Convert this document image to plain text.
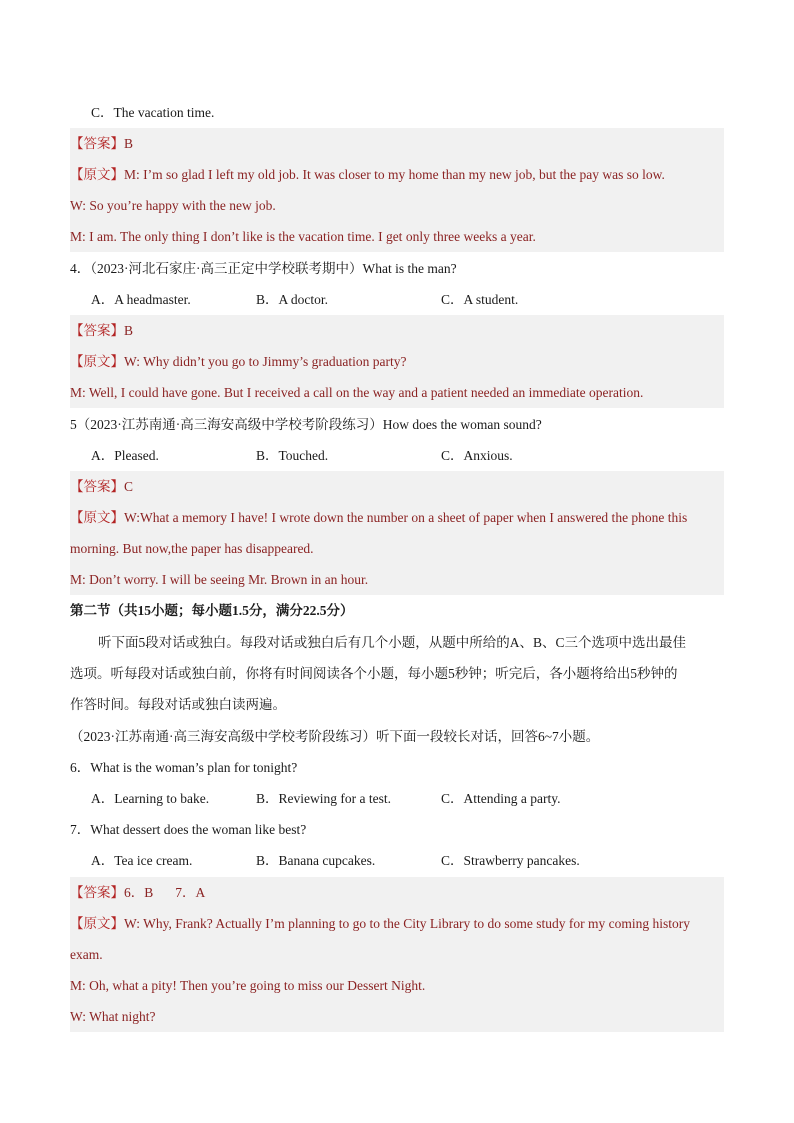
C．The vacation time.
【答案】B
【原文】M: I’m so glad I left my old job. It was closer to my home than my new job, but the pay was so low.
W: So you’re happy with the new job.
M: I am. The only thing I don’t like is the vacation time. I get only three weeks a year.
4．（2023·河北石家庄·高三正定中学校联考期中）What is the man?
A．A headmaster.	B．A doctor.	C．A student.
【答案】B
【原文】W: Why didn’t you go to Jimmy’s graduation party?
M: Well, I could have gone. But I received a call on the way and a patient needed an immediate operation.
5（2023·江苏南通·高三海安高级中学校考阶段练习）How does the woman sound?
A．Pleased.	B．Touched.	C．Anxious.
【答案】C
【原文】W:What a memory I have! I wrote down the number on a sheet of paper when I answered the phone this
morning. But now,the paper has disappeared.
M: Don’t worry. I will be seeing Mr. Brown in an hour.
第二节（共15小题；每小题1.5分，满分22.5分）
听下面5段对话或独白。每段对话或独白后有几个小题，从题中所给的A、B、C三个选项中选出最佳
选项。听每段对话或独白前，你将有时间阅读各个小题，每小题5秒钟；听完后，各小题将给出5秒钟的
作答时间。每段对话或独白读两遍。
（2023·江苏南通·高三海安高级中学校考阶段练习）听下面一段较长对话，回答6~7小题。
6．What is the woman’s plan for tonight?
A．Learning to bake.	B．Reviewing for a test.	C．Attending a party.
7．What dessert does the woman like best?
A．Tea ice cream.	B．Banana cupcakes.	C．Strawberry pancakes.
【答案】6．B 7．A
【原文】W: Why, Frank? Actually I’m planning to go to the City Library to do some study for my coming history
exam.
M: Oh, what a pity! Then you’re going to miss our Dessert Night.
W: What night?
